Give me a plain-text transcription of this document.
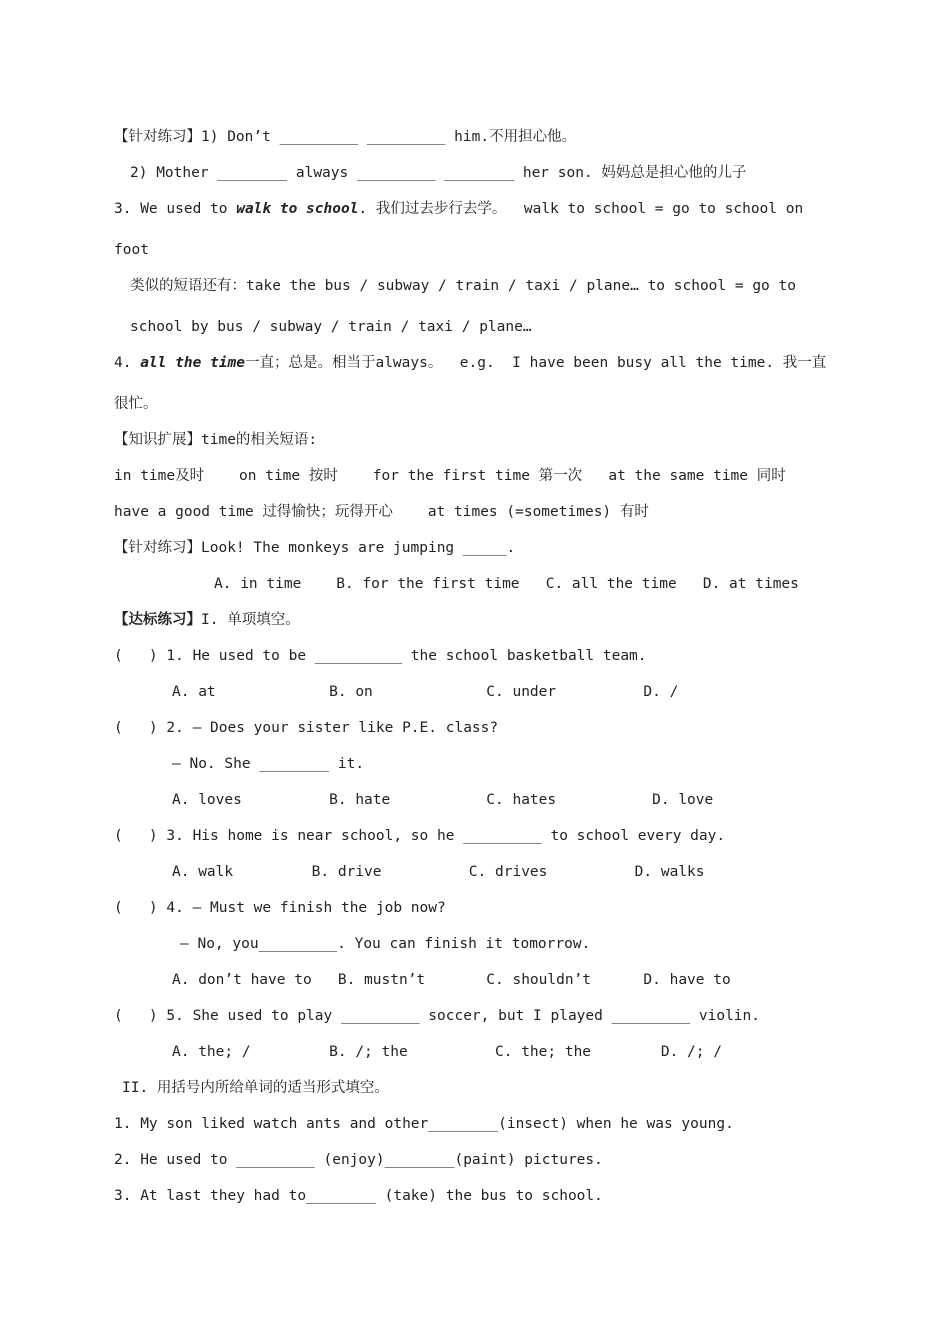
【针对练习】1) Don’t _________ _________ him.不用担心他。
2) Mother ________ always _________ ________ her son. 妈妈总是担心他的儿子
3. We used to walk to school. 我们过去步行去学。  walk to school = go to school on
foot
类似的短语还有：take the bus / subway / train / taxi / plane… to school = go to
school by bus / subway / train / taxi / plane…
4. all the time一直；总是。相当于always。  e.g.  I have been busy all the time. 我一直
很忙。
【知识扩展】time的相关短语:
in time及时    on time 按时    for the first time 第一次   at the same time 同时
have a good time 过得愉快；玩得开心    at times (=sometimes) 有时
【针对练习】Look! The monkeys are jumping _____.
A. in time    B. for the first time   C. all the time   D. at times
【达标练习】I. 单项填空。
(   ) 1. He used to be __________ the school basketball team.
A. at             B. on             C. under          D. /
(   ) 2. — Does your sister like P.E. class?
— No. She ________ it.
A. loves          B. hate           C. hates           D. love
(   ) 3. His home is near school, so he _________ to school every day.
A. walk         B. drive          C. drives          D. walks
(   ) 4. — Must we finish the job now?
— No, you_________. You can finish it tomorrow.
A. don’t have to   B. mustn’t       C. shouldn’t      D. have to
(   ) 5. She used to play _________ soccer, but I played _________ violin.
A. the; /         B. /; the          C. the; the        D. /; /
II. 用括号内所给单词的适当形式填空。
1. My son liked watch ants and other________(insect) when he was young.
2. He used to _________ (enjoy)________(paint) pictures.
3. At last they had to________ (take) the bus to school.
